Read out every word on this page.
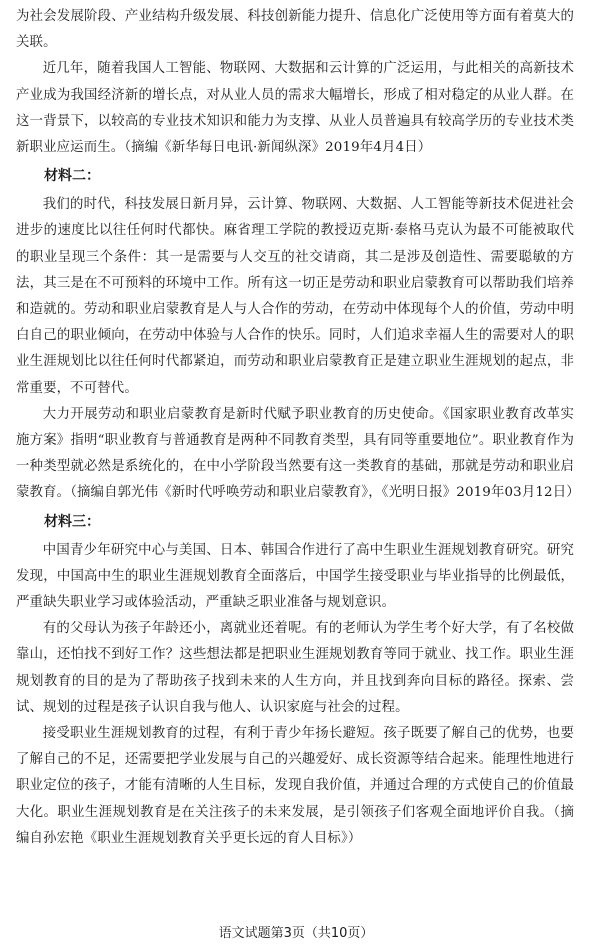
为社会发展阶段、产业结构升级发展、科技创新能力提升、信息化广泛使用等方面有着莫大的关联。

近几年，随着我国人工智能、物联网、大数据和云计算的广泛运用，与此相关的高新技术产业成为我国经济新的增长点，对从业人员的需求大幅增长，形成了相对稳定的从业人群。在这一背景下，以较高的专业技术知识和能力为支撑、从业人员普遍具有较高学历的专业技术类新职业应运而生。（摘编《新华每日电讯·新闻纵深》2019年4月4日）

材料二：

我们的时代，科技发展日新月异，云计算、物联网、大数据、人工智能等新技术促进社会进步的速度比以往任何时代都快。麻省理工学院的教授迈克斯·泰格马克认为最不可能被取代的职业呈现三个条件：其一是需要与人交互的社交请商，其二是涉及创造性、需要聪敏的方法，其三是在不可预料的环境中工作。所有这一切正是劳动和职业启蒙教育可以帮助我们培养和造就的。劳动和职业启蒙教育是人与人合作的劳动，在劳动中体现每个人的价值，劳动中明白自己的职业倾向，在劳动中体验与人合作的快乐。同时，人们追求幸福人生的需要对人的职业生涯规划比以往任何时代都紧迫，而劳动和职业启蒙教育正是建立职业生涯规划的起点，非常重要，不可替代。

大力开展劳动和职业启蒙教育是新时代赋予职业教育的历史使命。《国家职业教育改革实施方案》指明“职业教育与普通教育是两种不同教育类型，具有同等重要地位”。职业教育作为一种类型就必然是系统化的，在中小学阶段当然要有这一类教育的基础，那就是劳动和职业启蒙教育。（摘编自郭光伟《新时代呼唤劳动和职业启蒙教育》，《光明日报》2019年03月12日）

材料三：

中国青少年研究中心与美国、日本、韩国合作进行了高中生职业生涯规划教育研究。研究发现，中国高中生的职业生涯规划教育全面落后，中国学生接受职业与毕业指导的比例最低，严重缺失职业学习或体验活动，严重缺乏职业准备与规划意识。

有的父母认为孩子年龄还小，离就业还着呢。有的老师认为学生考个好大学，有了名校做靠山，还怕找不到好工作？这些想法都是把职业生涯规划教育等同于就业、找工作。职业生涯规划教育的目的是为了帮助孩子找到未来的人生方向，并且找到奔向目标的路径。探索、尝试、规划的过程是孩子认识自我与他人、认识家庭与社会的过程。

接受职业生涯规划教育的过程，有利于青少年扬长避短。孩子既要了解自己的优势，也要了解自己的不足，还需要把学业发展与自己的兴趣爱好、成长资源等结合起来。能理性地进行职业定位的孩子，才能有清晰的人生目标，发现自我价值，并通过合理的方式使自己的价值最大化。职业生涯规划教育是在关注孩子的未来发展，是引领孩子们客观全面地评价自我。（摘编自孙宏艳《职业生涯规划教育关乎更长远的育人目标》）

语文试题第3页（共10页）
